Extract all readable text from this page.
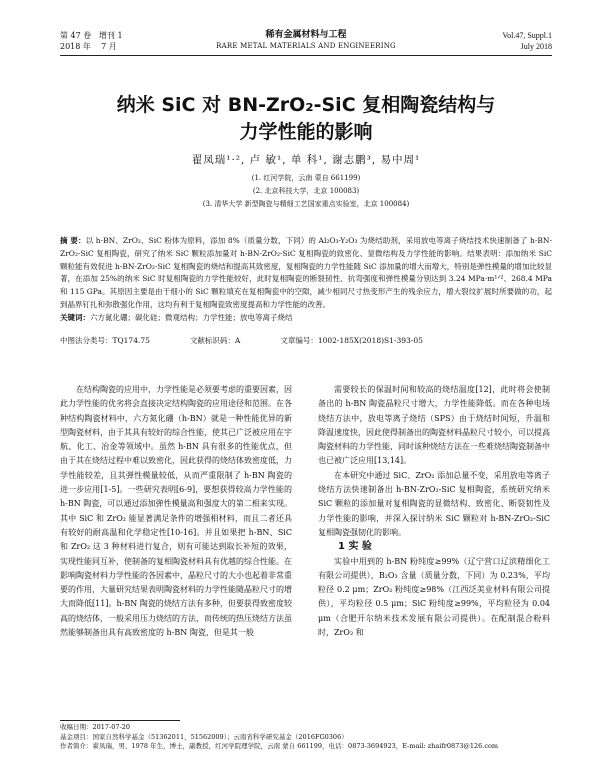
第 47 卷 增刊 1
2018 年 7 月
稀有金属材料与工程
RARE METAL MATERIALS AND ENGINEERING
Vol.47, Suppl.1
July 2018
纳米 SiC 对 BN-ZrO₂-SiC 复相陶瓷结构与
力学性能的影响
翟凤瑞¹·², 卢 敏¹, 单 科¹, 谢志鹏³, 易中周¹
(1. 红河学院，云南 蒙自 661199)
(2. 北京科技大学，北京 100083)
(3. 清华大学 新型陶瓷与精细工艺国家重点实验室，北京 100084)
摘 要：以 h-BN、ZrO₂、SiC 粉体为原料，添加 8%（质量分数，下同）的 Al₂O₃-Y₂O₃ 为烧结助剂，采用放电等离子烧结技术快速制备了 h-BN-ZrO₂-SiC 复相陶瓷，研究了纳米 SiC 颗粒添加量对 h-BN-ZrO₂-SiC 复相陶瓷的致密化、显微结构及力学性能的影响。结果表明：添加纳米 SiC 颗粒能有效促进 h-BN-ZrO₂-SiC 复相陶瓷的烧结和提高其致密度，复相陶瓷的力学性能随 SiC 添加量的增大而增大，特别是弹性模量的增加比较显著，在添加 25%的纳米 SiC 时复相陶瓷的力学性能较好，此时复相陶瓷的断裂韧性、抗弯强度和弹性模量分别达到 3.24 MPa·m¹ᐟ²、268.4 MPa 和 115 GPa。其原因主要是由于细小的 SiC 颗粒填充在复相陶瓷中的空隙，减少相同尺寸热变形产生的残余应力，增大裂纹扩展时所要做的功，起到晶界钉扎和弥散强化作用，这均有利于复相陶瓷致密度提高和力学性能的改善。
关键词：六方氮化硼；碳化硅；微观结构；力学性能；放电等离子烧结
中图法分类号：TQ174.75	文献标识码：A	文章编号：1002-185X(2018)S1-393-05

在结构陶瓷的应用中，力学性能是必须要考虑的重要因素，因此力学性能的优劣将会直接决定结构陶瓷的应用途径和范围。在各种结构陶瓷材料中，六方氮化硼（h-BN）就是一种性能优异的新型陶瓷材料，由于其具有较好的综合性能，使其已广泛被应用在宇航、化工、冶金等领域中。虽然 h-BN 具有很多的性能优点，但由于其在烧结过程中难以致密化，因此获得的烧结体致密度低，力学性能较差，且其弹性模量较低，从而严重限制了 h-BN 陶瓷的进一步应用[1-5]。一些研究表明[6-9]，要想获得较高力学性能的 h-BN 陶瓷，可以通过添加弹性模量高和强度大的第二相来实现。其中 SiC 和 ZrO₂ 能显著满足条件的增强相材料，而且二者还具有较好的耐高温和化学稳定性[10-16]。并且如果把 h-BN、SiC 和 ZrO₂ 这 3 种材料进行复合，则有可能达到取长补短的效果，实现性能同互补，使制备的复相陶瓷材料具有优越的综合性能。在影响陶瓷材料力学性能的各因素中，晶粒尺寸的大小也起着非常重要的作用，大量研究结果表明陶瓷材料的力学性能随晶粒尺寸的增大而降低[11]。h-BN 陶瓷的烧结方法有多种，但要获得致密度较高的烧结体，一般采用压力烧结的方法，而传统的热压烧结方法虽然能够制备出具有高致密度的 h-BN 陶瓷，但是其一般

需要较长的保温时间和较高的烧结温度[12]，此时将会使制备出的 h-BN 陶瓷晶粒尺寸增大，力学性能降低。而在各种电场烧结方法中，放电等离子烧结（SPS）由于烧结时间短，升温和降温速度快，因此使得制备出的陶瓷材料晶粒尺寸较小，可以提高陶瓷材料的力学性能，同时该种烧结方法在一些难烧结陶瓷制备中也已被广泛应用[13,14]。

在本研究中通过 SiC、ZrO₂ 添加总量不变，采用放电等离子烧结方法快速制备出 h-BN-ZrO₂-SiC 复相陶瓷，系统研究纳米 SiC 颗粒的添加量对复相陶瓷的显微结构、致密化、断裂韧性及力学性能的影响，并深入探讨纳米 SiC 颗粒对 h-BN-ZrO₂-SiC 复相陶瓷强韧化的影响。

1 实 验

实验中用到的 h-BN 粉纯度≥99%（辽宁营口辽滨精细化工有限公司提供），B₂O₃ 含量（质量分数，下同）为 0.23%，平均粒径 0.2 μm；ZrO₂ 粉纯度≥98%（江西泛美业材料有限公司提供），平均粒径 0.5 μm；SiC 粉纯度≥99%，平均粒径为 0.04 μm（合肥开尔纳米技术发展有限公司提供）。在配制混合粉料时，ZrO₂ 和

收稿日期：2017-07-20
基金项目：国家自然科学基金（51362011，51562009）；云南省科学研究基金（2016FG0306）
作者简介：翟凤瑞，男，1978 年生，博士，副教授，红河学院理学院，云南 蒙自 661199，电话：0873-3694923，E-mail: zhaifr0873@126.com
